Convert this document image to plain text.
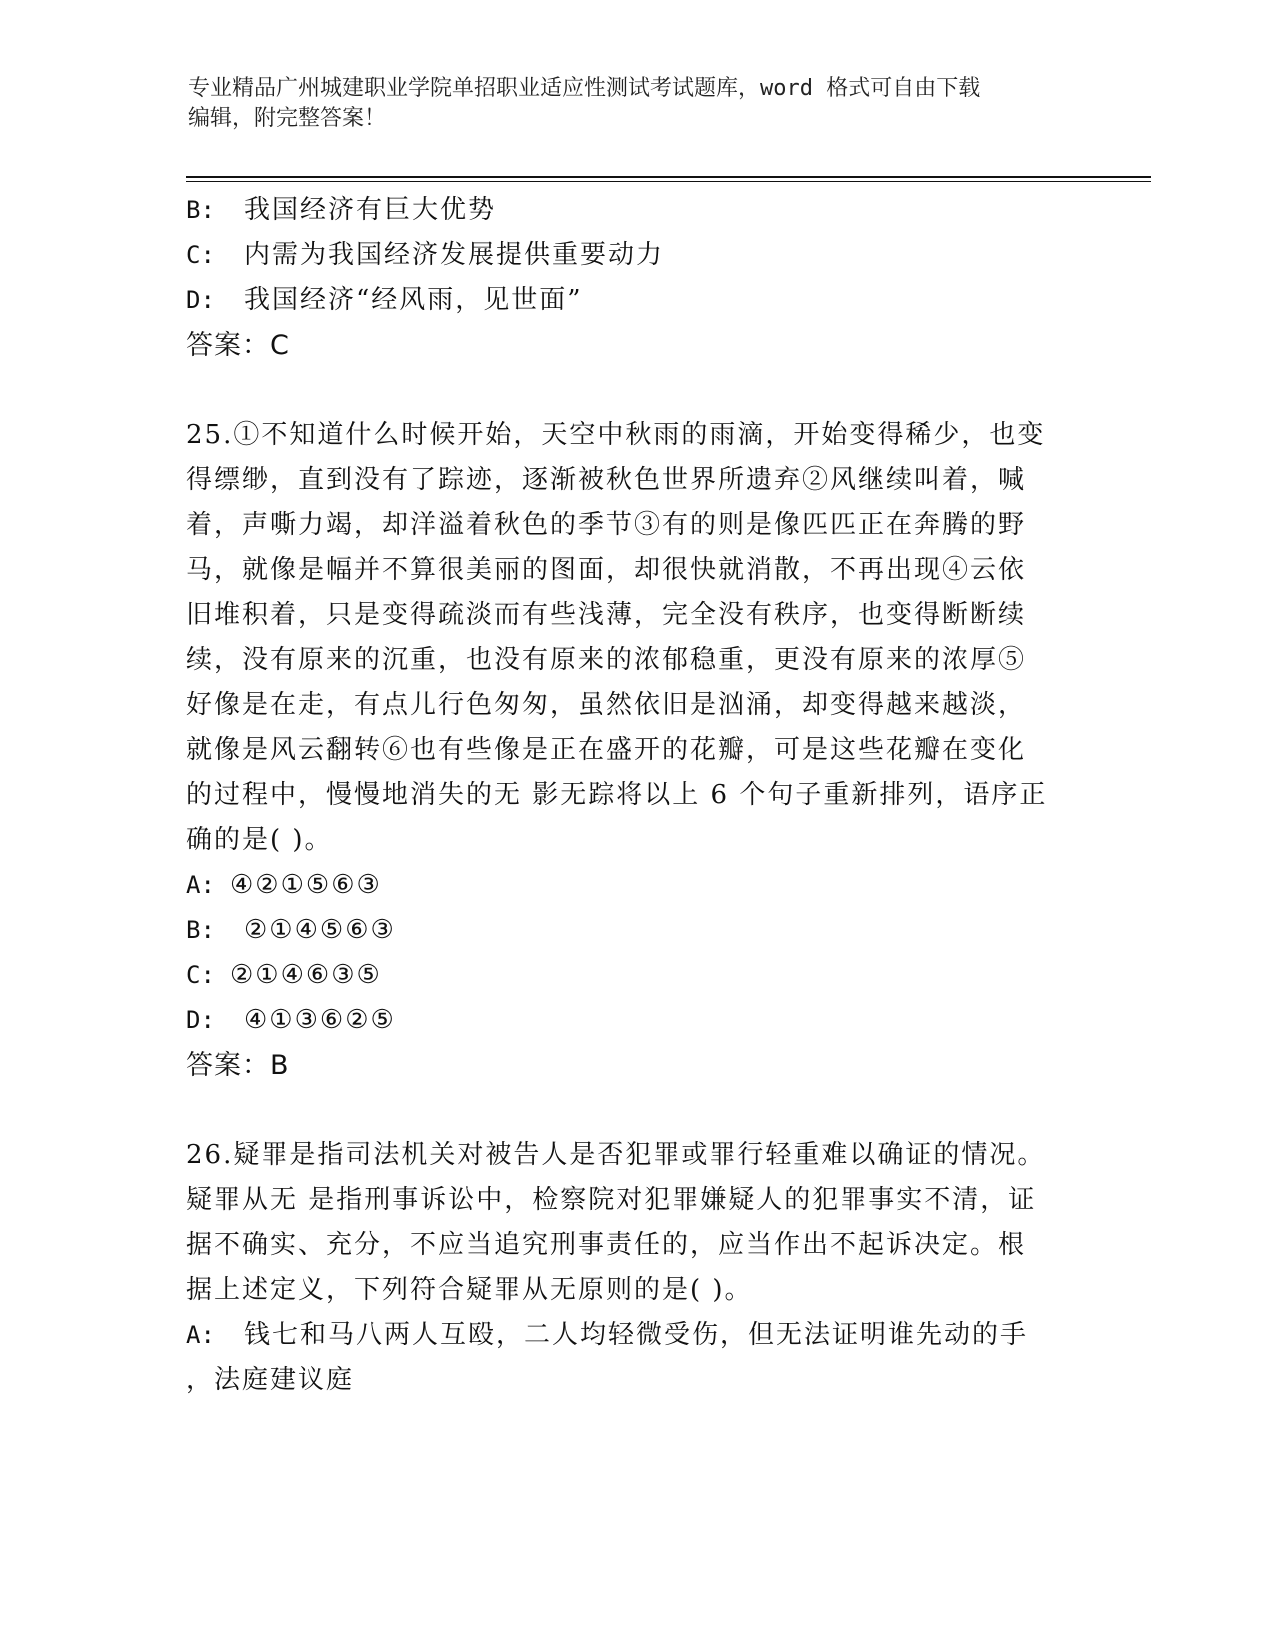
专业精品广州城建职业学院单招职业适应性测试考试题库，word 格式可自由下载
编辑，附完整答案！
B: 我国经济有巨大优势
C: 内需为我国经济发展提供重要动力
D: 我国经济“经风雨，见世面”
答案：C
25.①不知道什么时候开始，天空中秋雨的雨滴，开始变得稀少，也变
得缥缈，直到没有了踪迹，逐渐被秋色世界所遗弃②风继续叫着，喊
着，声嘶力竭，却洋溢着秋色的季节③有的则是像匹匹正在奔腾的野
马，就像是幅并不算很美丽的图面，却很快就消散，不再出现④云依
旧堆积着，只是变得疏淡而有些浅薄，完全没有秩序，也变得断断续
续，没有原来的沉重，也没有原来的浓郁稳重，更没有原来的浓厚⑤
好像是在走，有点儿行色匆匆，虽然依旧是汹涌，却变得越来越淡，
就像是风云翻转⑥也有些像是正在盛开的花瓣，可是这些花瓣在变化
的过程中，慢慢地消失的无 影无踪将以上 6 个句子重新排列，语序正
确的是( )。
A: ④②①⑤⑥③
B: ②①④⑤⑥③
C: ②①④⑥③⑤
D: ④①③⑥②⑤
答案：B
26.疑罪是指司法机关对被告人是否犯罪或罪行轻重难以确证的情况。
疑罪从无 是指刑事诉讼中，检察院对犯罪嫌疑人的犯罪事实不清，证
据不确实、充分，不应当追究刑事责任的，应当作出不起诉决定。根
据上述定义，下列符合疑罪从无原则的是( )。
A: 钱七和马八两人互殴，二人均轻微受伤，但无法证明谁先动的手
，法庭建议庭
